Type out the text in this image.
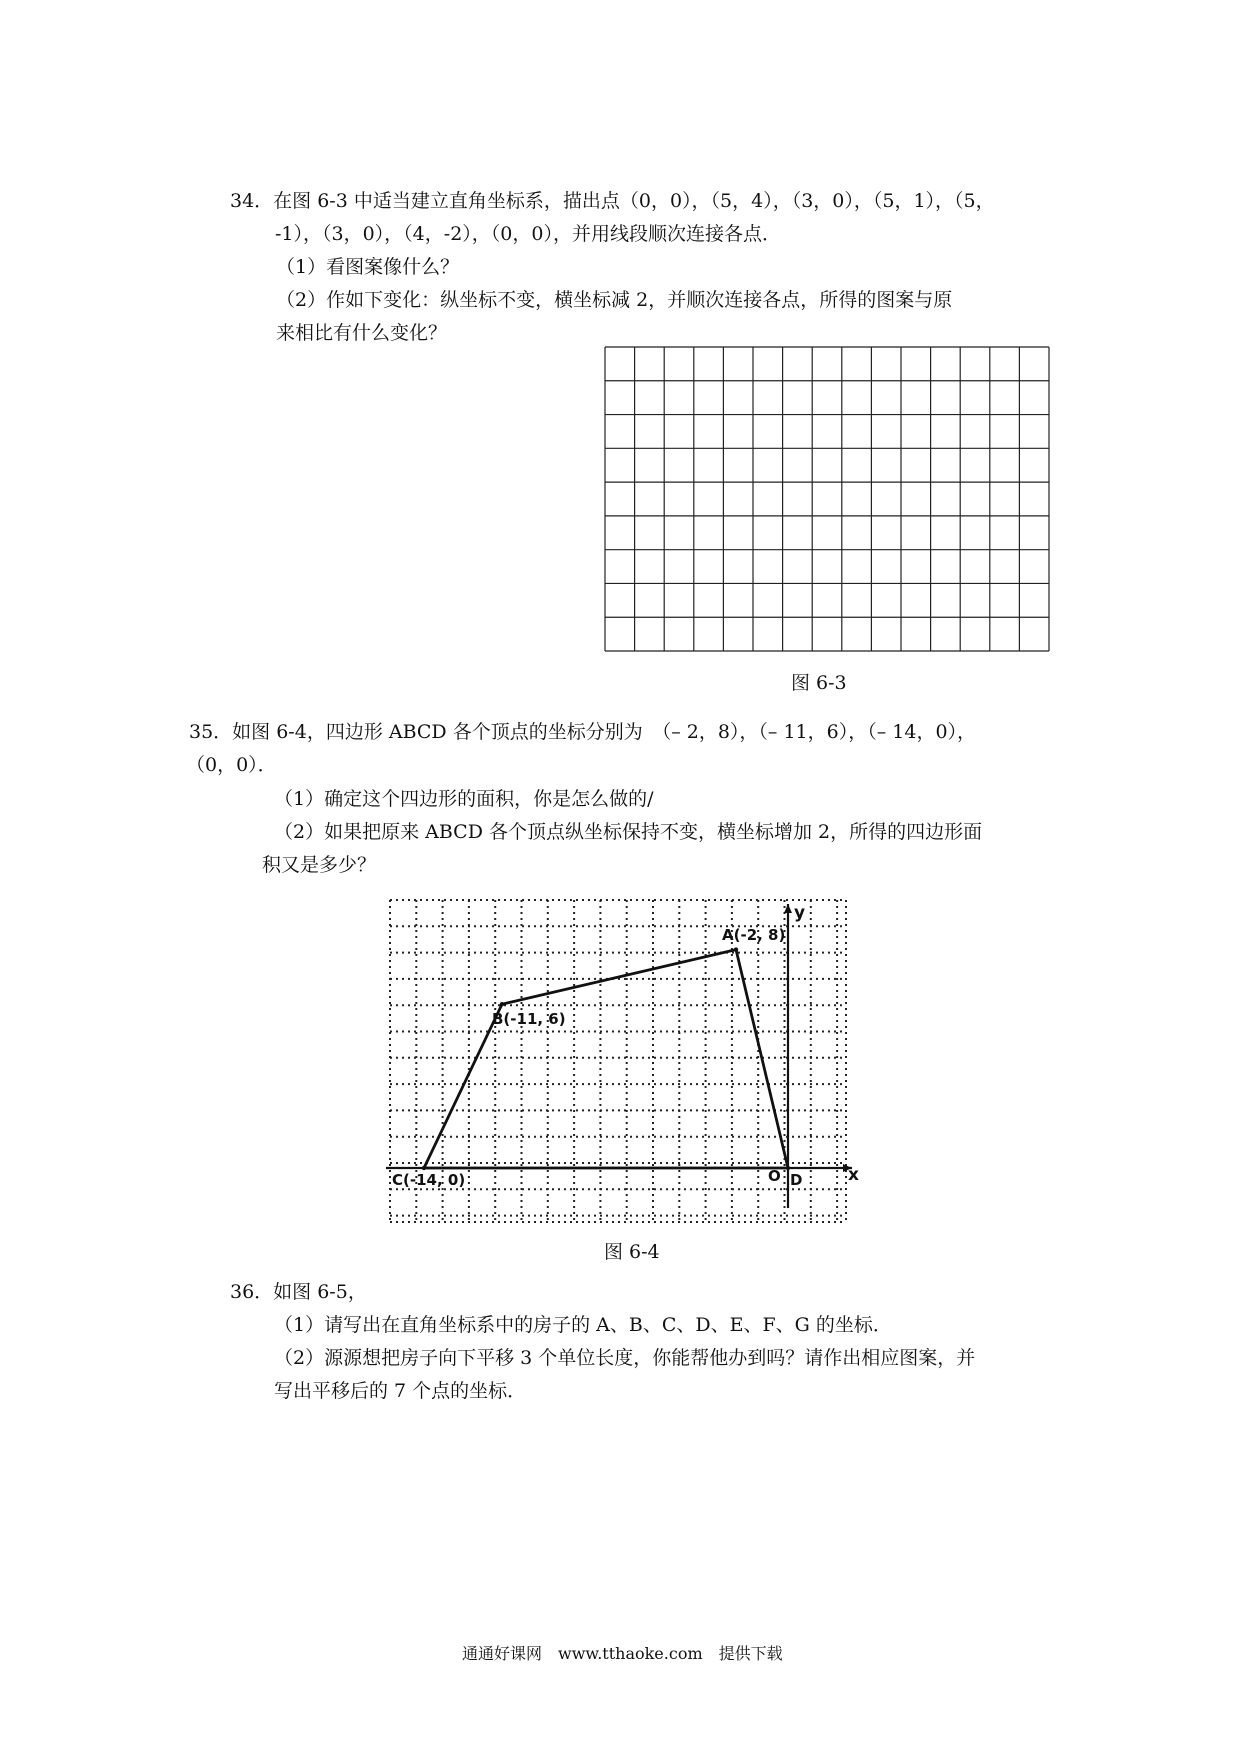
34．在图 6-3 中适当建立直角坐标系，描出点（0，0），（5，4），（3，0），（5，1），（5，
-1），（3，0），（4，-2），（0，0），并用线段顺次连接各点．
（1）看图案像什么？
（2）作如下变化：纵坐标不变，横坐标减 2，并顺次连接各点，所得的图案与原
来相比有什么变化？
图 6-3
35．如图 6-4，四边形 ABCD 各个顶点的坐标分别为　（– 2，8），（– 11，6），（– 14，0），
（0，0）．
（1）确定这个四边形的面积，你是怎么做的/
（2）如果把原来 ABCD 各个顶点纵坐标保持不变，横坐标增加 2，所得的四边形面
积又是多少？
y
x
O
A(-2, 8)
B(-11, 6)
C(-14, 0)	D
图 6-4
36．如图 6-5，
（1）请写出在直角坐标系中的房子的 A、B、C、D、E、F、G 的坐标．
（2）源源想把房子向下平移 3 个单位长度，你能帮他办到吗？请作出相应图案，并
写出平移后的 7 个点的坐标．
通通好课网　www.tthaoke.com　提供下载
